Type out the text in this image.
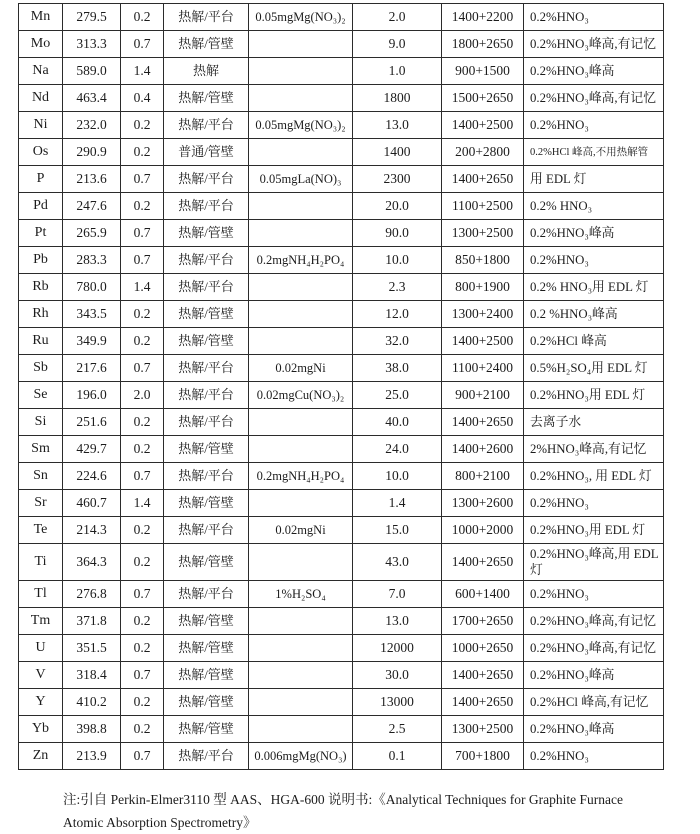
Mn	279.5	0.2	热解/平台	0.05mgMg(NO₃)₂	2.0	1400+2200	0.2%HNO₃
Mo	313.3	0.7	热解/管壁		9.0	1800+2650	0.2%HNO₃峰高,有记忆
Na	589.0	1.4	热解		1.0	900+1500	0.2%HNO₃峰高
Nd	463.4	0.4	热解/管壁		1800	1500+2650	0.2%HNO₃峰高,有记忆
Ni	232.0	0.2	热解/平台	0.05mgMg(NO₃)₂	13.0	1400+2500	0.2%HNO₃
Os	290.9	0.2	普通/管壁		1400	200+2800	0.2%HCl 峰高,不用热解管
P	213.6	0.7	热解/平台	0.05mgLa(NO)₃	2300	1400+2650	用 EDL 灯
Pd	247.6	0.2	热解/平台		20.0	1100+2500	0.2% HNO₃
Pt	265.9	0.7	热解/管壁		90.0	1300+2500	0.2%HNO₃峰高
Pb	283.3	0.7	热解/平台	0.2mgNH₄H₂PO₄	10.0	850+1800	0.2%HNO₃
Rb	780.0	1.4	热解/平台		2.3	800+1900	0.2% HNO₃用 EDL 灯
Rh	343.5	0.2	热解/管壁		12.0	1300+2400	0.2 %HNO₃峰高
Ru	349.9	0.2	热解/管壁		32.0	1400+2500	0.2%HCl 峰高
Sb	217.6	0.7	热解/平台	0.02mgNi	38.0	1100+2400	0.5%H₂SO₄用 EDL 灯
Se	196.0	2.0	热解/平台	0.02mgCu(NO₃)₂	25.0	900+2100	0.2%HNO₃用 EDL 灯
Si	251.6	0.2	热解/平台		40.0	1400+2650	去离子水
Sm	429.7	0.2	热解/管壁		24.0	1400+2600	2%HNO₃峰高,有记忆
Sn	224.6	0.7	热解/平台	0.2mgNH₄H₂PO₄	10.0	800+2100	0.2%HNO₃, 用 EDL 灯
Sr	460.7	1.4	热解/管壁		1.4	1300+2600	0.2%HNO₃
Te	214.3	0.2	热解/平台	0.02mgNi	15.0	1000+2000	0.2%HNO₃用 EDL 灯
Ti	364.3	0.2	热解/管壁		43.0	1400+2650	0.2%HNO₃峰高,用 EDL 灯
Tl	276.8	0.7	热解/平台	1%H₂SO₄	7.0	600+1400	0.2%HNO₃
Tm	371.8	0.2	热解/管壁		13.0	1700+2650	0.2%HNO₃峰高,有记忆
U	351.5	0.2	热解/管壁		12000	1000+2650	0.2%HNO₃峰高,有记忆
V	318.4	0.7	热解/管壁		30.0	1400+2650	0.2%HNO₃峰高
Y	410.2	0.2	热解/管壁		13000	1400+2650	0.2%HCl 峰高,有记忆
Yb	398.8	0.2	热解/管壁		2.5	1300+2500	0.2%HNO₃峰高
Zn	213.9	0.7	热解/平台	0.006mgMg(NO₃)	0.1	700+1800	0.2%HNO₃
注:引自 Perkin-Elmer3110 型 AAS、HGA-600 说明书:《Analytical Techniques for Graphite Furnace
Atomic Absorption Spectrometry》
